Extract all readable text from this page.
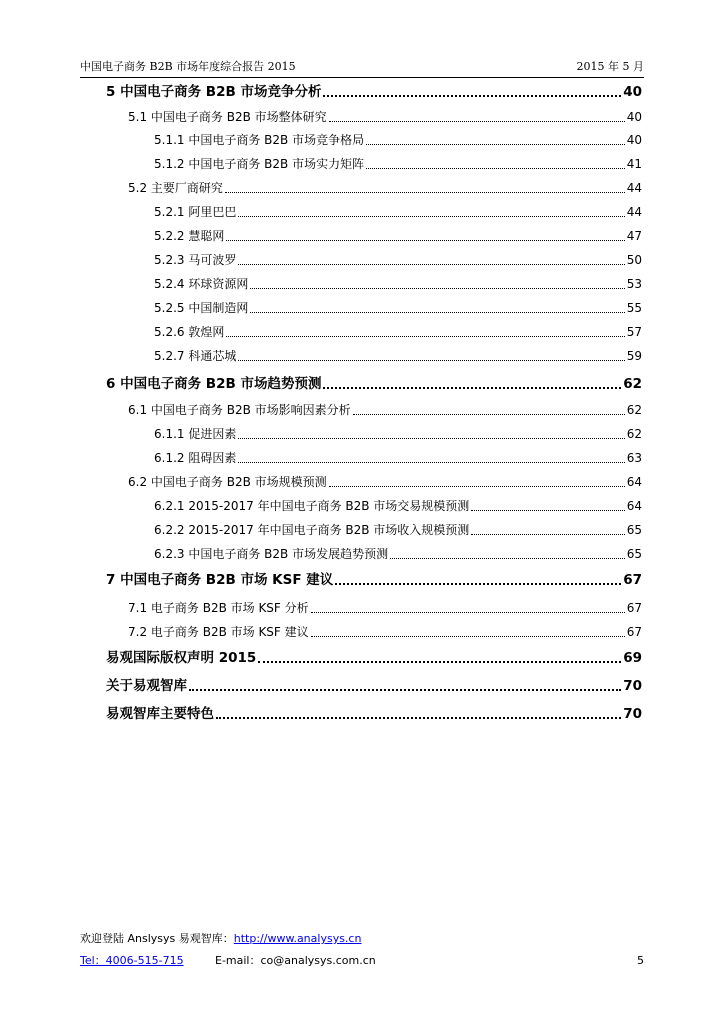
中国电子商务 B2B 市场年度综合报告 2015	2015 年 5 月
5 中国电子商务 B2B 市场竞争分析	40
5.1 中国电子商务 B2B 市场整体研究	40
5.1.1 中国电子商务 B2B 市场竞争格局	40
5.1.2 中国电子商务 B2B 市场实力矩阵	41
5.2 主要厂商研究	44
5.2.1 阿里巴巴	44
5.2.2 慧聪网	47
5.2.3 马可波罗	50
5.2.4 环球资源网	53
5.2.5 中国制造网	55
5.2.6 敦煌网	57
5.2.7 科通芯城	59
6 中国电子商务 B2B 市场趋势预测	62
6.1 中国电子商务 B2B 市场影响因素分析	62
6.1.1 促进因素	62
6.1.2 阻碍因素	63
6.2 中国电子商务 B2B 市场规模预测	64
6.2.1 2015-2017 年中国电子商务 B2B 市场交易规模预测	64
6.2.2 2015-2017 年中国电子商务 B2B 市场收入规模预测	65
6.2.3 中国电子商务 B2B 市场发展趋势预测	65
7 中国电子商务 B2B 市场 KSF 建议	67
7.1 电子商务 B2B 市场 KSF 分析	67
7.2 电子商务 B2B 市场 KSF 建议	67
易观国际版权声明 2015	69
关于易观智库	70
易观智库主要特色	70
欢迎登陆 Anslysys 易观智库：http://www.analysys.cn
Tel：4006-515-715	E-mail：co@analysys.com.cn	5
